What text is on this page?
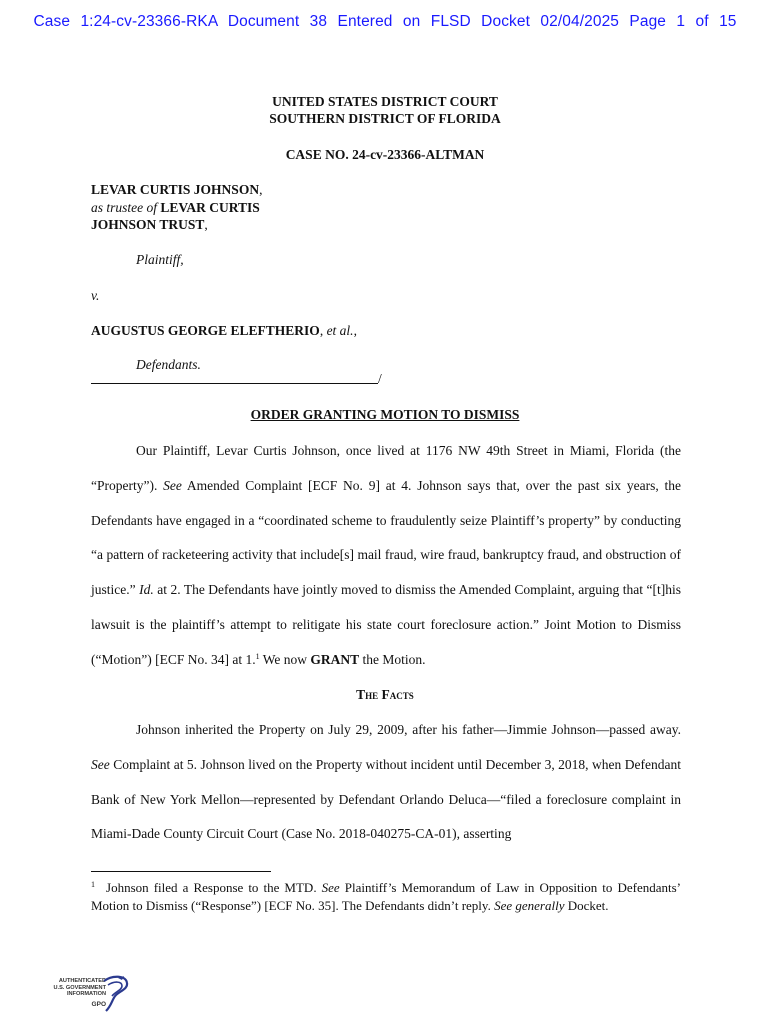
Case 1:24-cv-23366-RKA Document 38 Entered on FLSD Docket 02/04/2025 Page 1 of 15
UNITED STATES DISTRICT COURT
SOUTHERN DISTRICT OF FLORIDA
CASE NO. 24-cv-23366-ALTMAN
LEVAR CURTIS JOHNSON,
as trustee of LEVAR CURTIS
JOHNSON TRUST,
Plaintiff,
v.
AUGUSTUS GEORGE ELEFTHERIO, et al.,
Defendants.
/
ORDER GRANTING MOTION TO DISMISS
Our Plaintiff, Levar Curtis Johnson, once lived at 1176 NW 49th Street in Miami, Florida (the “Property”). See Amended Complaint [ECF No. 9] at 4. Johnson says that, over the past six years, the Defendants have engaged in a “coordinated scheme to fraudulently seize Plaintiff’s property” by conducting “a pattern of racketeering activity that include[s] mail fraud, wire fraud, bankruptcy fraud, and obstruction of justice.” Id. at 2. The Defendants have jointly moved to dismiss the Amended Complaint, arguing that “[t]his lawsuit is the plaintiff’s attempt to relitigate his state court foreclosure action.” Joint Motion to Dismiss (“Motion”) [ECF No. 34] at 1.$^1$ We now GRANT the Motion.
The Facts
Johnson inherited the Property on July 29, 2009, after his father—Jimmie Johnson—passed away. See Complaint at 5. Johnson lived on the Property without incident until December 3, 2018, when Defendant Bank of New York Mellon—represented by Defendant Orlando Deluca—“filed a foreclosure complaint in Miami-Dade County Circuit Court (Case No. 2018-040275-CA-01), asserting
1 Johnson filed a Response to the MTD. See Plaintiff’s Memorandum of Law in Opposition to Defendants’ Motion to Dismiss (“Response”) [ECF No. 35]. The Defendants didn’t reply. See generally Docket.
AUTHENTICATED
U.S. GOVERNMENT
INFORMATION
GPO
